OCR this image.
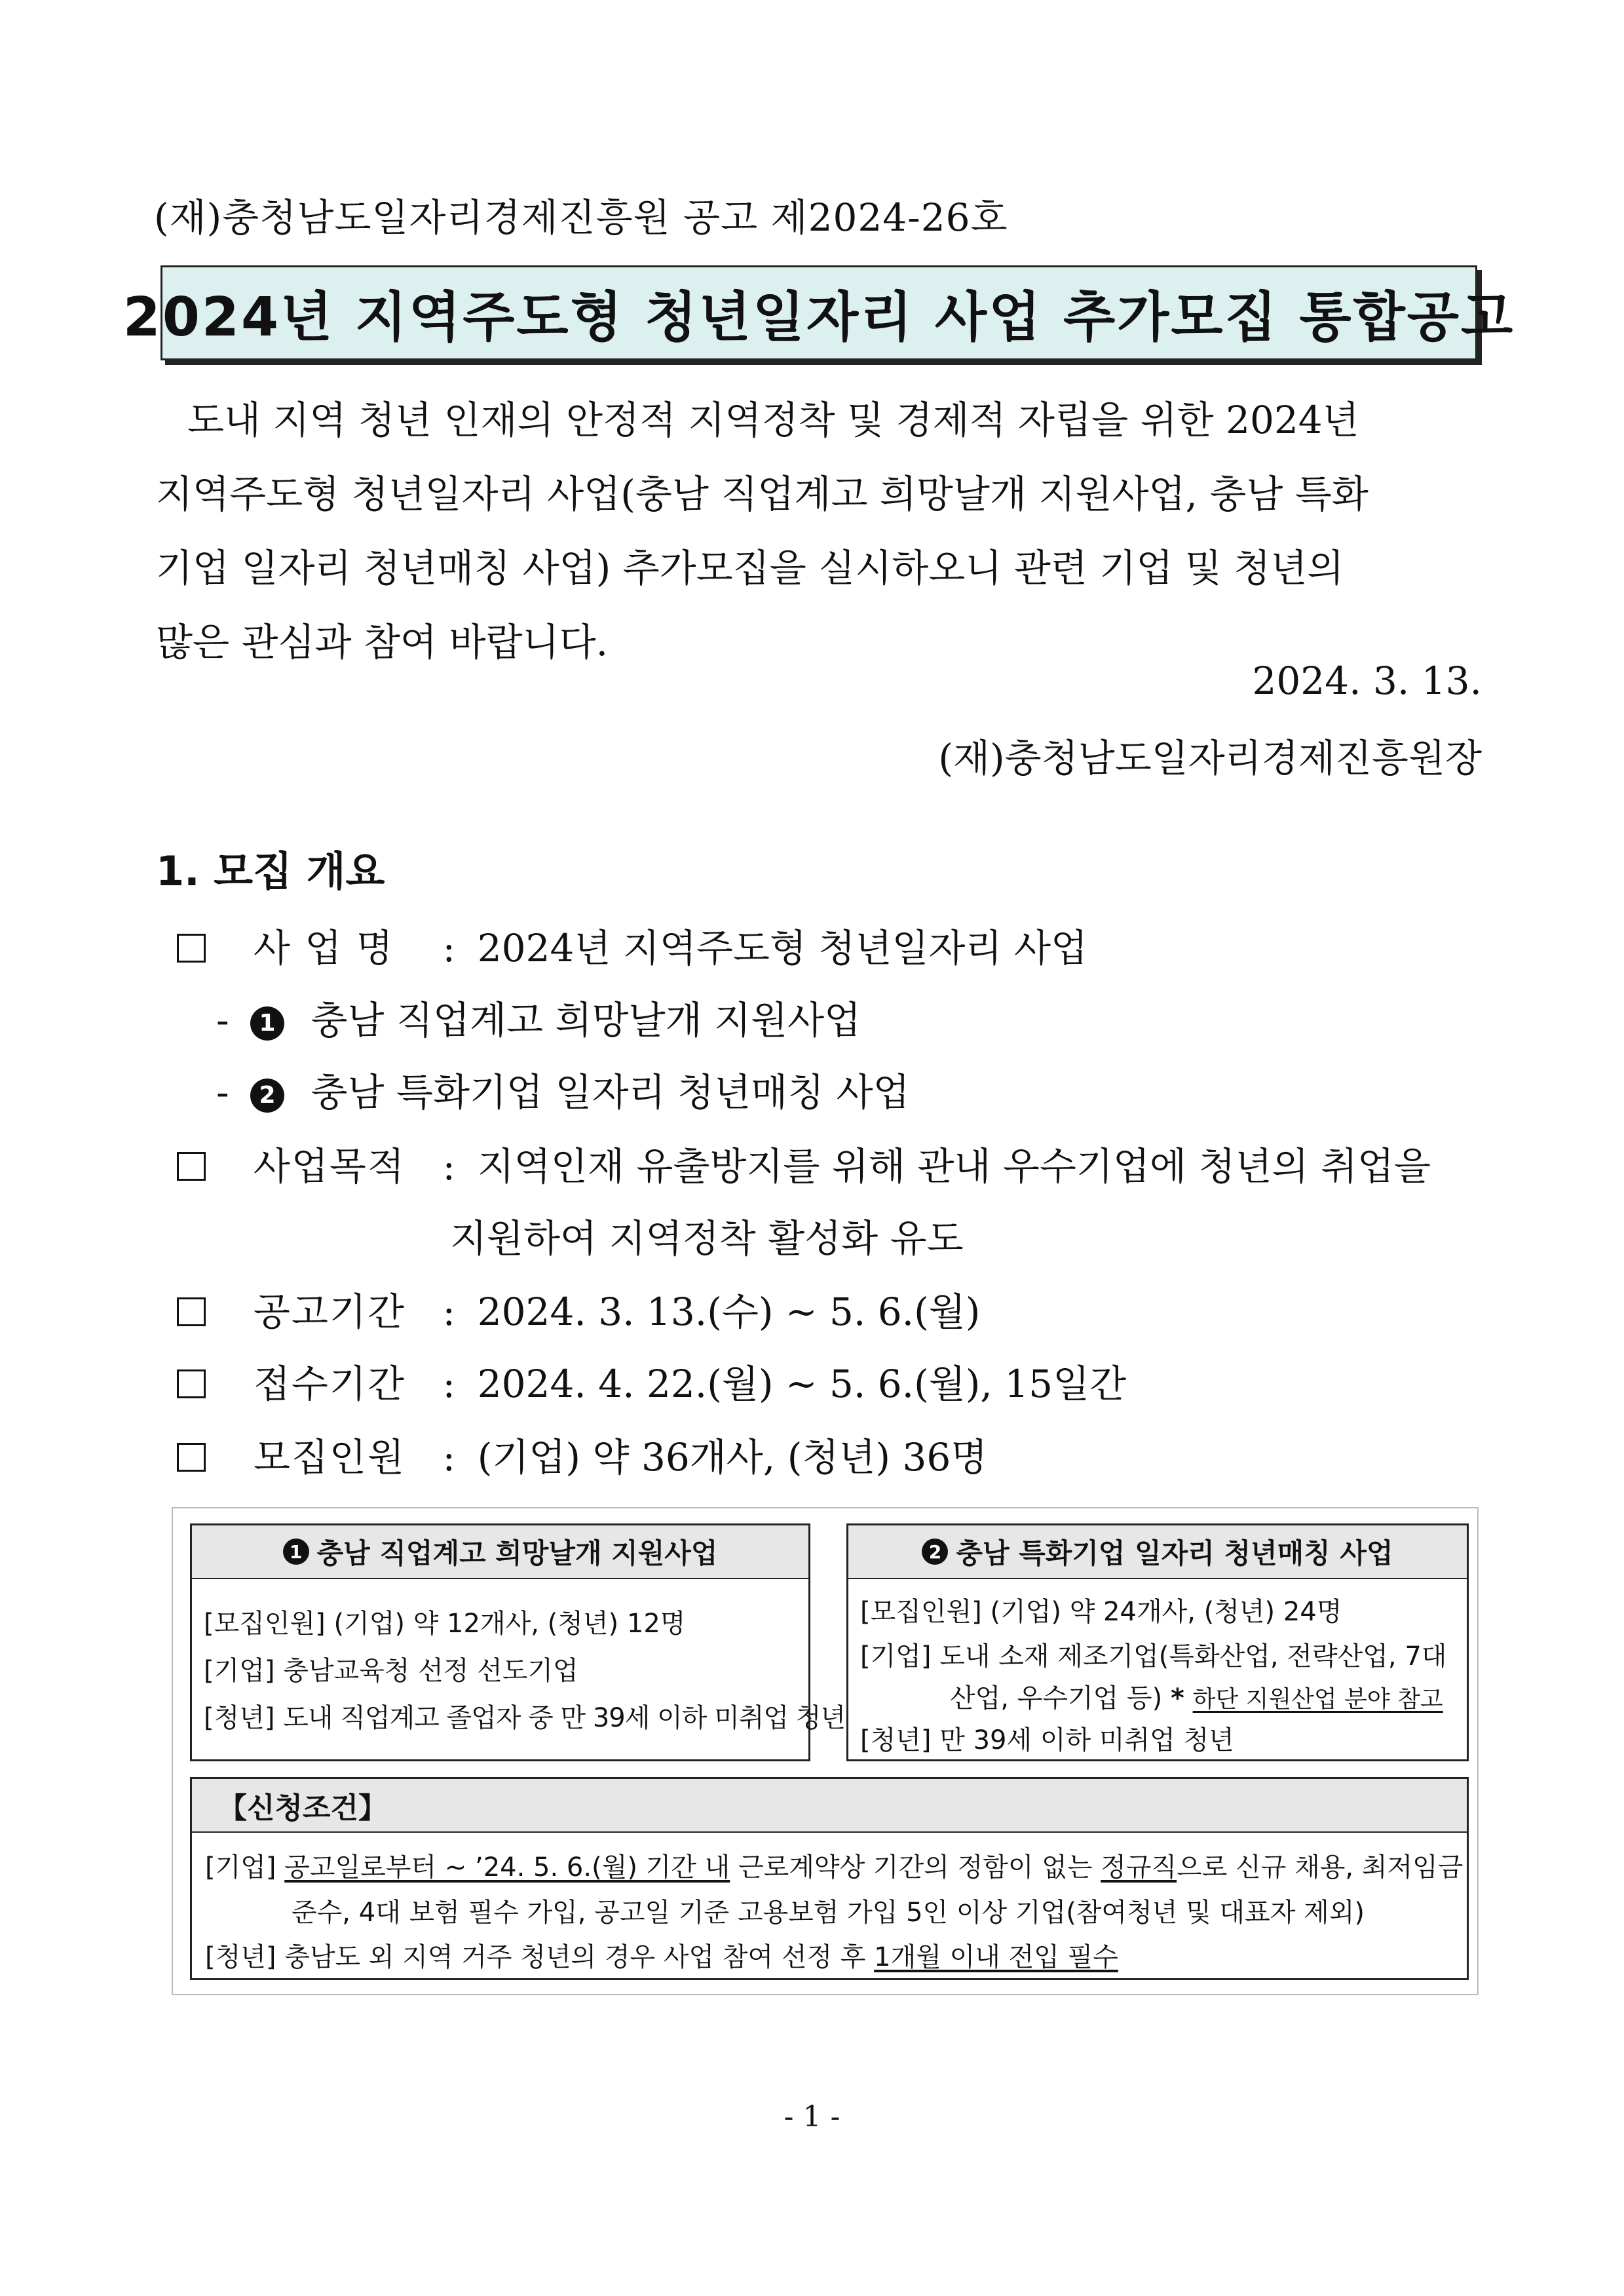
(재)충청남도일자리경제진흥원 공고 제2024-26호
2024년 지역주도형 청년일자리 사업 추가모집 통합공고
도내 지역 청년 인재의 안정적 지역정착 및 경제적 자립을 위한 2024년
지역주도형 청년일자리 사업(충남 직업계고 희망날개 지원사업, 충남 특화
기업 일자리 청년매칭 사업) 추가모집을 실시하오니 관련 기업 및 청년의
많은 관심과 참여 바랍니다.
2024. 3. 13.
(재)충청남도일자리경제진흥원장
1. 모집 개요
사 업 명 : 2024년 지역주도형 청년일자리 사업
- 1 충남 직업계고 희망날개 지원사업
- 2 충남 특화기업 일자리 청년매칭 사업
사업목적 : 지역인재 유출방지를 위해 관내 우수기업에 청년의 취업을
지원하여 지역정착 활성화 유도
공고기간 : 2024. 3. 13.(수) ~ 5. 6.(월)
접수기간 : 2024. 4. 22.(월) ~ 5. 6.(월), 15일간
모집인원 : (기업) 약 36개사, (청년) 36명
1 충남 직업계고 희망날개 지원사업
[모집인원] (기업) 약 12개사, (청년) 12명
[기업] 충남교육청 선정 선도기업
[청년] 도내 직업계고 졸업자 중 만 39세 이하 미취업 청년
2 충남 특화기업 일자리 청년매칭 사업
[모집인원] (기업) 약 24개사, (청년) 24명
[기업] 도내 소재 제조기업(특화산업, 전략산업, 7대
산업, 우수기업 등) * 하단 지원산업 분야 참고
[청년] 만 39세 이하 미취업 청년
【신청조건】
[기업] 공고일로부터 ~ ’24. 5. 6.(월) 기간 내 근로계약상 기간의 정함이 없는 정규직으로 신규 채용, 최저임금
준수, 4대 보험 필수 가입, 공고일 기준 고용보험 가입 5인 이상 기업(참여청년 및 대표자 제외)
[청년] 충남도 외 지역 거주 청년의 경우 사업 참여 선정 후 1개월 이내 전입 필수
- 1 -
